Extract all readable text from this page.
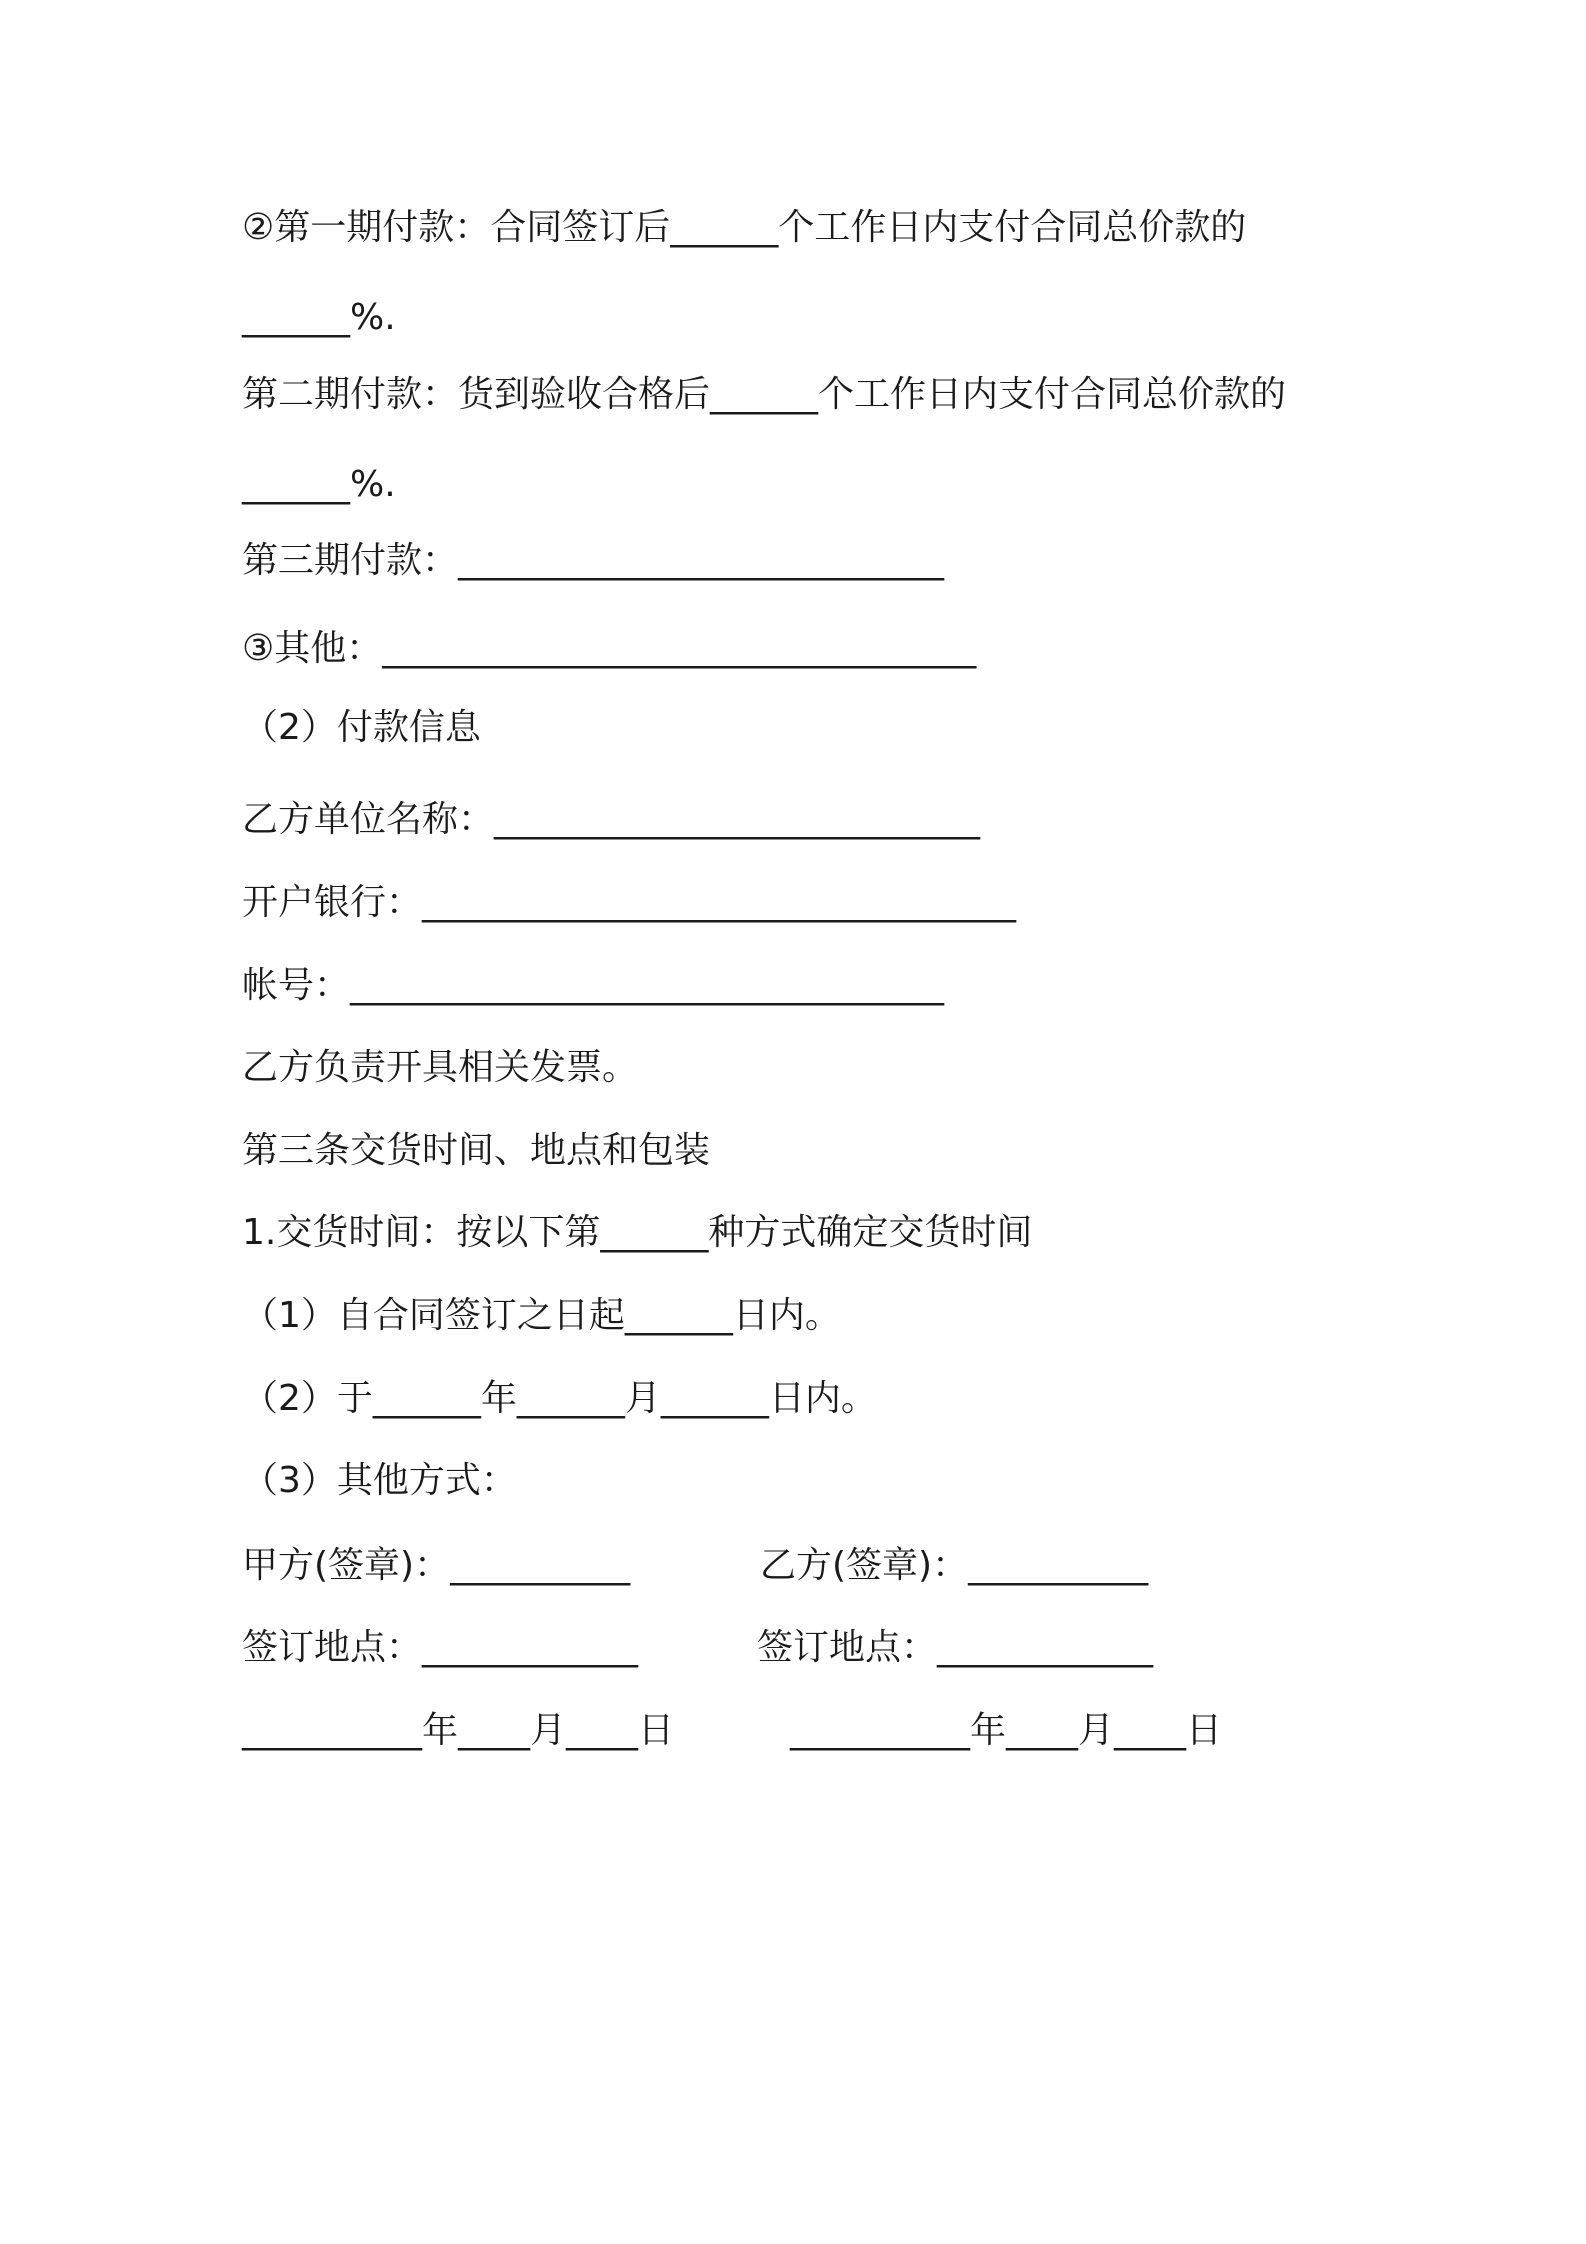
②第一期付款：合同签订后______个工作日内支付合同总价款的
______%.
第二期付款：货到验收合格后______个工作日内支付合同总价款的
______%.
第三期付款：___________________________
③其他：_________________________________
（2）付款信息
乙方单位名称：___________________________
开户银行：_________________________________
帐号：_________________________________
乙方负责开具相关发票。
第三条交货时间、地点和包装
1.交货时间：按以下第______种方式确定交货时间
（1）自合同签订之日起______日内。
（2）于______年______月______日内。
（3）其他方式：
甲方(签章)：__________	乙方(签章)：__________
签订地点：____________	签订地点：____________
__________年____月____日	__________年____月____日
